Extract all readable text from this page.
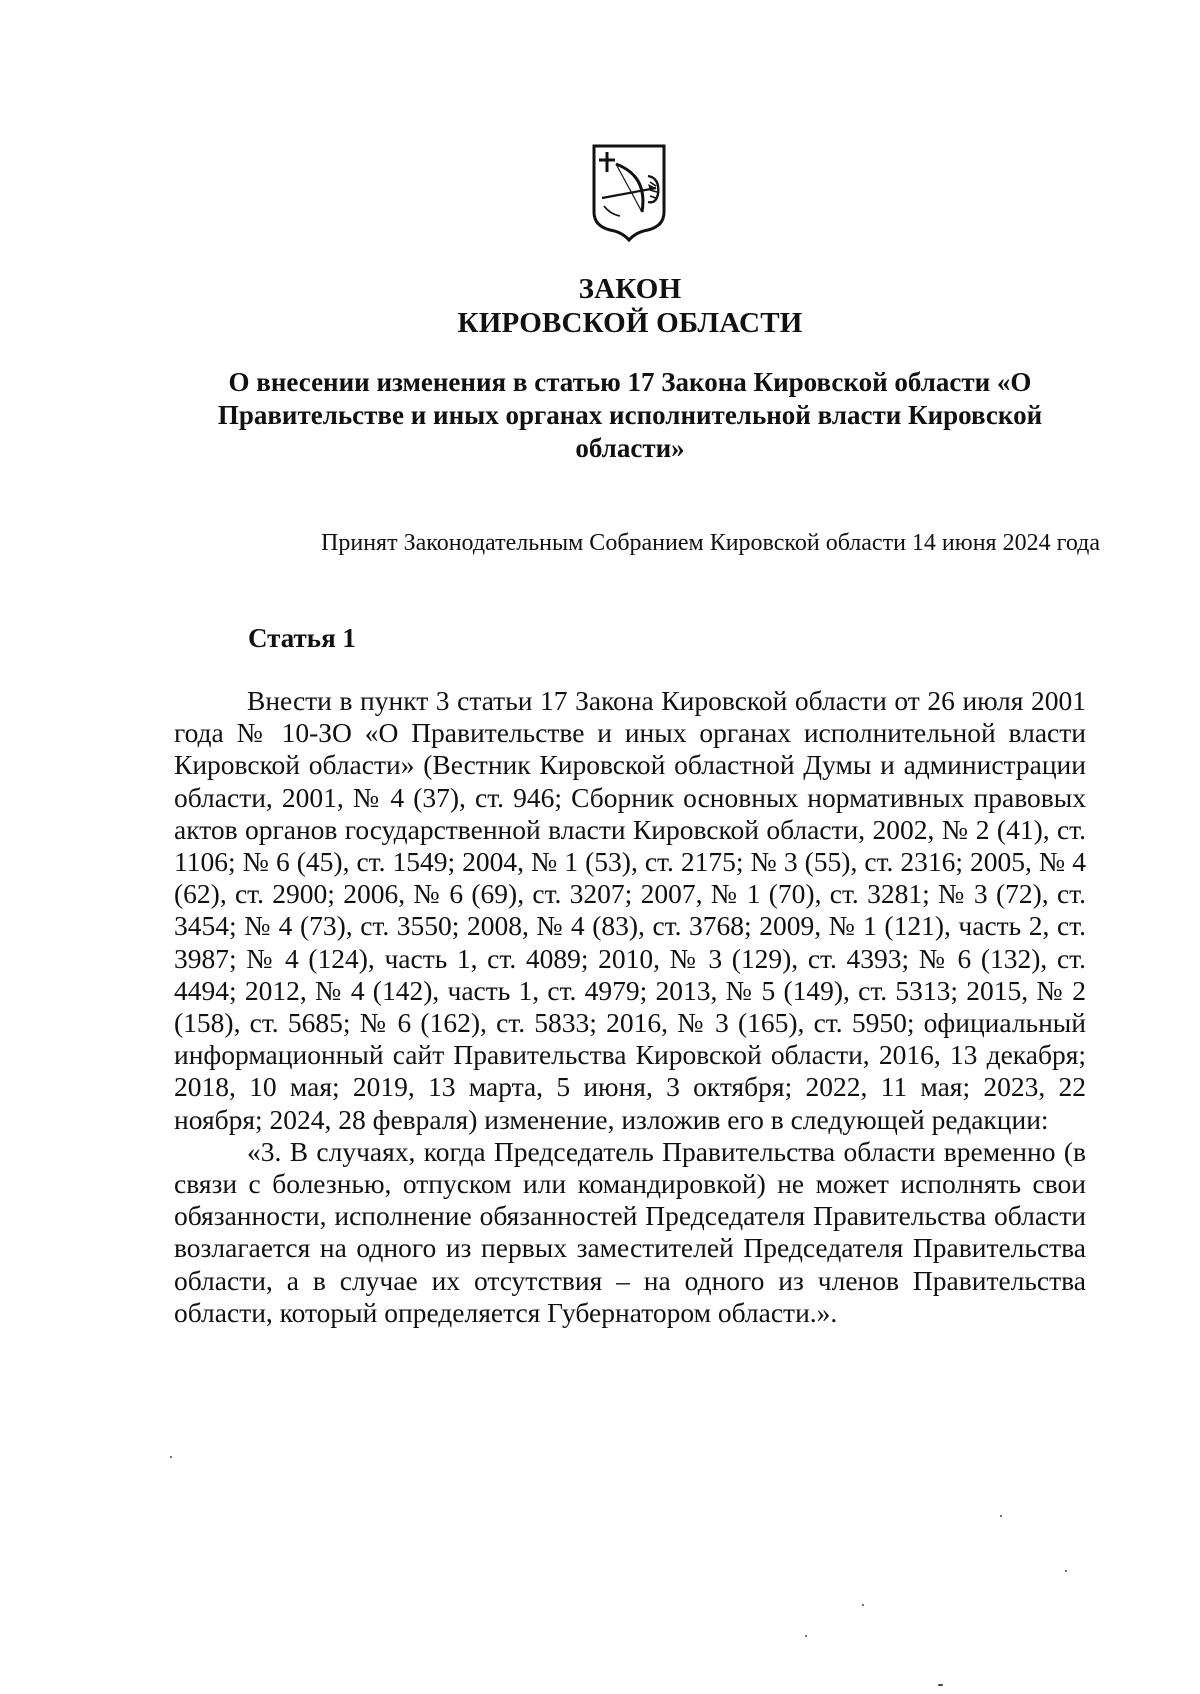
ЗАКОН
КИРОВСКОЙ ОБЛАСТИ
О внесении изменения в статью 17 Закона Кировской области «О Правительстве и иных органах исполнительной власти Кировской области»
Принят Законодательным Собранием Кировской области 14 июня 2024 года
Статья 1

Внести в пункт 3 статьи 17 Закона Кировской области от 26 июля 2001 года № 10-ЗО «О Правительстве и иных органах исполнительной власти Кировской области» (Вестник Кировской областной Думы и администрации области, 2001, № 4 (37), ст. 946; Сборник основных нормативных правовых актов органов государственной власти Кировской области, 2002, № 2 (41), ст. 1106; № 6 (45), ст. 1549; 2004, № 1 (53), ст. 2175; № 3 (55), ст. 2316; 2005, № 4 (62), ст. 2900; 2006, № 6 (69), ст. 3207; 2007, № 1 (70), ст. 3281; № 3 (72), ст. 3454; № 4 (73), ст. 3550; 2008, № 4 (83), ст. 3768; 2009, № 1 (121), часть 2, ст. 3987; № 4 (124), часть 1, ст. 4089; 2010, № 3 (129), ст. 4393; № 6 (132), ст. 4494; 2012, № 4 (142), часть 1, ст. 4979; 2013, № 5 (149), ст. 5313; 2015, № 2 (158), ст. 5685; № 6 (162), ст. 5833; 2016, № 3 (165), ст. 5950; официальный информационный сайт Правительства Кировской области, 2016, 13 декабря; 2018, 10 мая; 2019, 13 марта, 5 июня, 3 октября; 2022, 11 мая; 2023, 22 ноября; 2024, 28 февраля) изменение, изложив его в следующей редакции:

«3. В случаях, когда Председатель Правительства области временно (в связи с болезнью, отпуском или командировкой) не может исполнять свои обязанности, исполнение обязанностей Председателя Правительства области возлагается на одного из первых заместителей Председателя Правительства области, а в случае их отсутствия – на одного из членов Правительства области, который определяется Губернатором области.».
